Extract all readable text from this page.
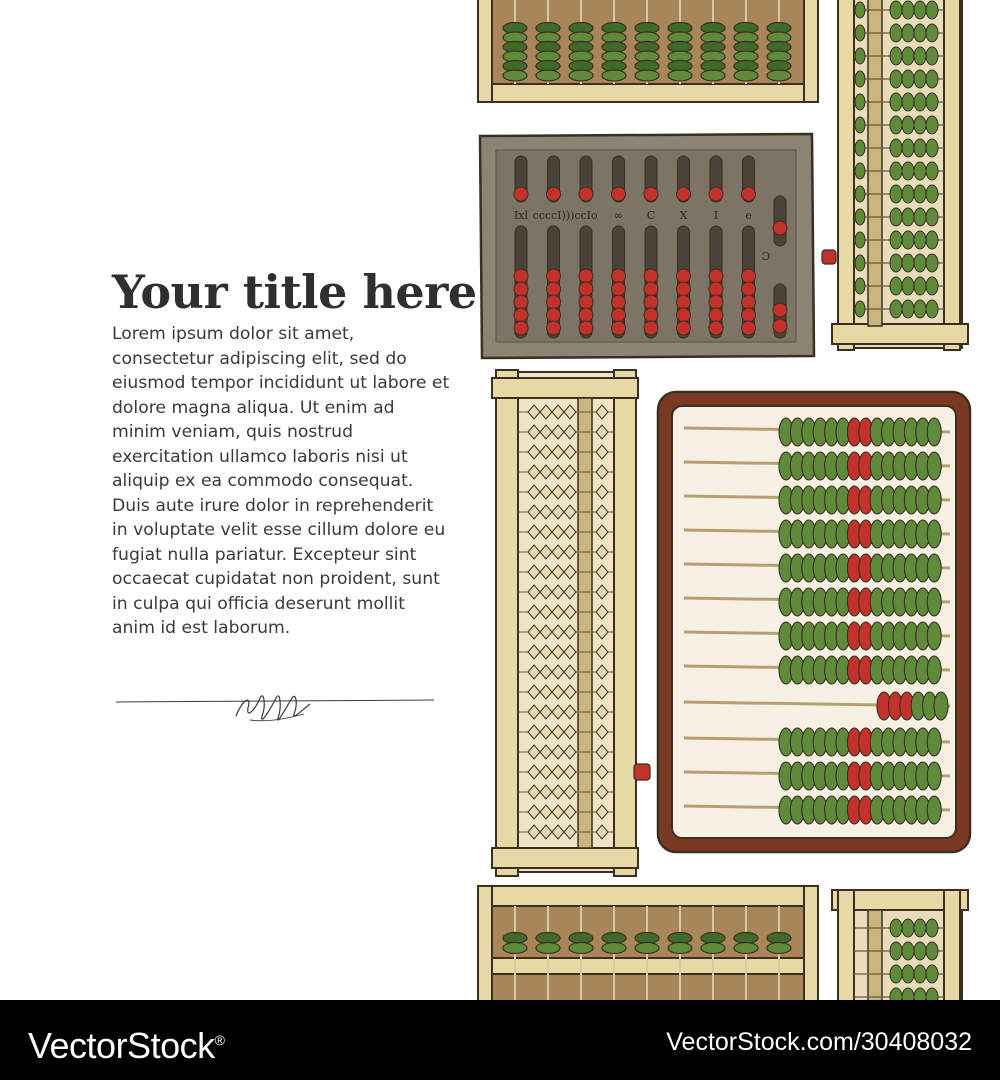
Ixl ccccI))) ccIo ∞ C X I e
Ɔ
Your title here

Lorem ipsum dolor sit amet, consectetur adipiscing elit, sed do eiusmod tempor incididunt ut labore et dolore magna aliqua. Ut enim ad minim veniam, quis nostrud exercitation ullamco laboris nisi ut aliquip ex ea commodo consequat. Duis aute irure dolor in reprehenderit in voluptate velit esse cillum dolore eu fugiat nulla pariatur. Excepteur sint occaecat cupidatat non proident, sunt in culpa qui officia deserunt mollit anim id est laborum.

VectorStock®	VectorStock.com/30408032
